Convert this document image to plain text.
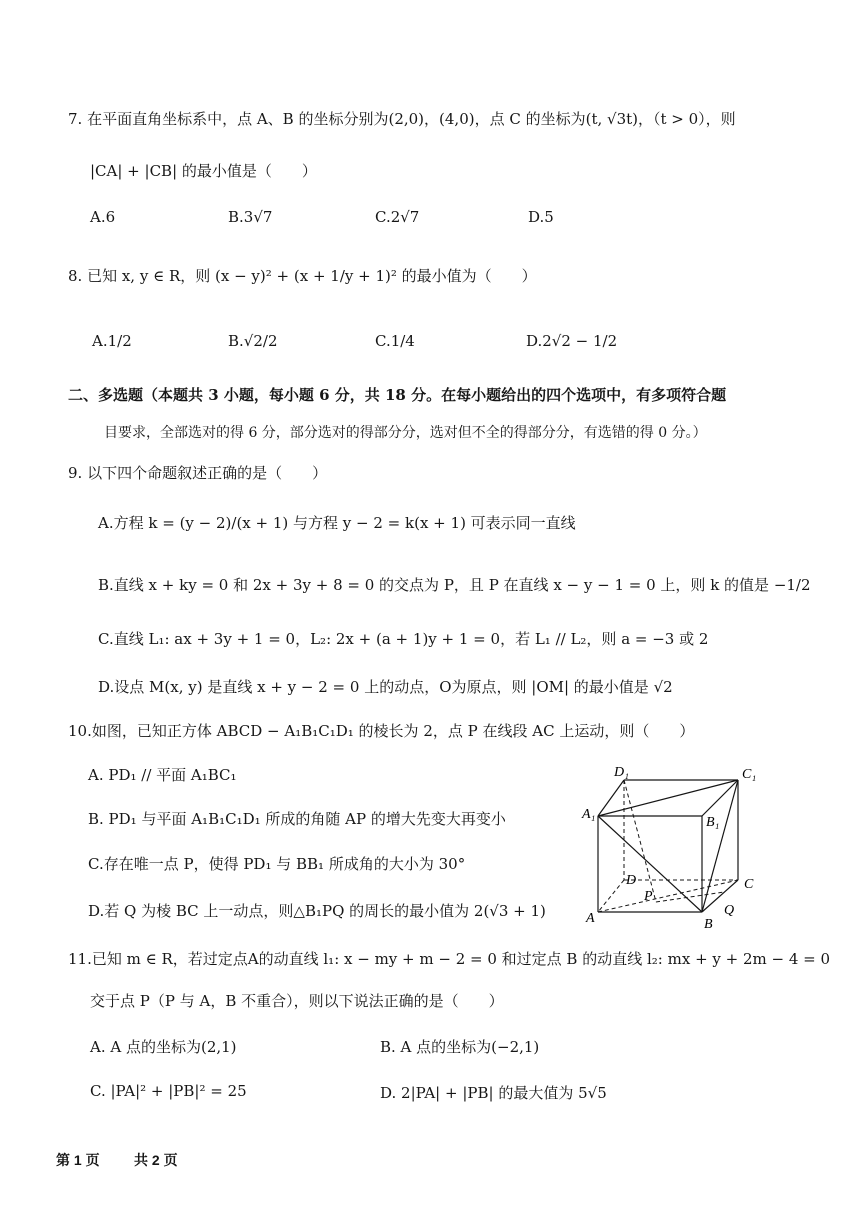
7. 在平面直角坐标系中，点 A、B 的坐标分别为(2,0)，(4,0)，点 C 的坐标为(t, √3t)，（t > 0），则
|CA| + |CB| 的最小值是（　　）
A.6	B.3√7	C.2√7	D.5
8. 已知 x, y ∈ R，则 (x − y)² + (x + 1/y + 1)² 的最小值为（　　）
A.1/2	B.√2/2	C.1/4	D.2√2 − 1/2
二、多选题（本题共 3 小题，每小题 6 分，共 18 分。在每小题给出的四个选项中，有多项符合题
目要求，全部选对的得 6 分，部分选对的得部分分，选对但不全的得部分分，有选错的得 0 分。）
9. 以下四个命题叙述正确的是（　　）
A.方程 k = (y − 2)/(x + 1) 与方程 y − 2 = k(x + 1) 可表示同一直线
B.直线 x + ky = 0 和 2x + 3y + 8 = 0 的交点为 P，且 P 在直线 x − y − 1 = 0 上，则 k 的值是 −1/2
C.直线 L₁: ax + 3y + 1 = 0，L₂: 2x + (a + 1)y + 1 = 0，若 L₁ // L₂，则 a = −3 或 2
D.设点 M(x, y) 是直线 x + y − 2 = 0 上的动点，O为原点，则 |OM| 的最小值是 √2
10.如图，已知正方体 ABCD − A₁B₁C₁D₁ 的棱长为 2，点 P 在线段 AC 上运动，则（　　）
A. PD₁ // 平面 A₁BC₁
B. PD₁ 与平面 A₁B₁C₁D₁ 所成的角随 AP 的增大先变大再变小
C.存在唯一点 P，使得 PD₁ 与 BB₁ 所成角的大小为 30°
D.若 Q 为棱 BC 上一动点，则△B₁PQ 的周长的最小值为 2(√3 + 1)
D₁	C₁
A₁
B₁
D	C
P
A	B
Q
11.已知 m ∈ R，若过定点A的动直线 l₁: x − my + m − 2 = 0 和过定点 B 的动直线 l₂: mx + y + 2m − 4 = 0
交于点 P（P 与 A，B 不重合），则以下说法正确的是（　　）
A. A 点的坐标为(2,1)	B. A 点的坐标为(−2,1)
C. |PA|² + |PB|² = 25	D. 2|PA| + |PB| 的最大值为 5√5
第 1 页 共 2 页
